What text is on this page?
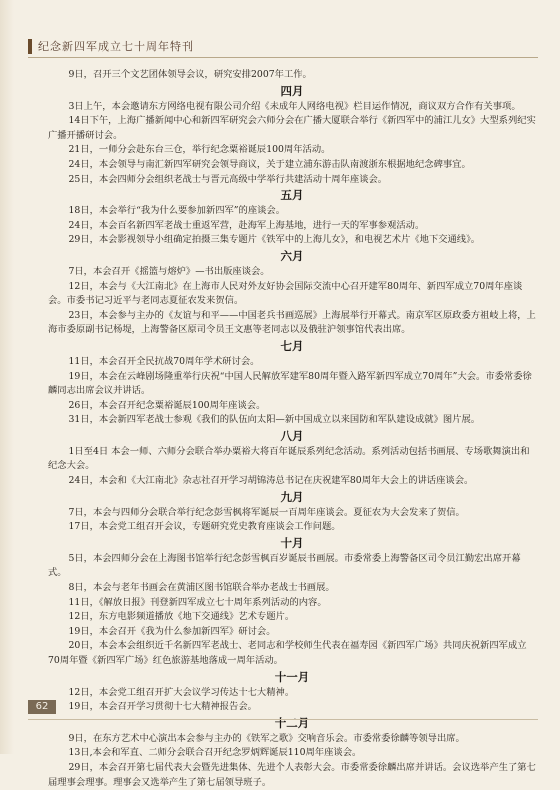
纪念新四军成立七十周年特刊
9日，召开三个文艺团体领导会议，研究安排2007年工作。
四月
3日上午，本会邀请东方网络电视有限公司介绍《未成年人网络电视》栏目运作情况，商议双方合作有关事项。
14日下午，上海广播新闻中心和新四军研究会六师分会在广播大厦联合举行《新四军中的浦江儿女》大型系列纪实广播开播研讨会。
21日，一师分会赴东台三仓，举行纪念粟裕诞辰100周年活动。
24日，本会领导与南汇新四军研究会领导商议，关于建立浦东游击队南渡浙东根据地纪念碑事宜。
25日，本会四师分会组织老战士与晋元高级中学举行共建活动十周年座谈会。
五月
18日，本会举行“我为什么要参加新四军”的座谈会。
24日，本会百名新四军老战士重返军营，赴海军上海基地，进行一天的军事参观活动。
29日，本会影视领导小组确定拍摄三集专题片《铁军中的上海儿女》，和电视艺术片《地下交通线》。
六月
7日，本会召开《摇篮与熔炉》—书出版座谈会。
12日，本会与《大江南北》在上海市人民对外友好协会国际交流中心召开建军80周年、新四军成立70周年座谈会。市委书记习近平与老同志夏征农发来贺信。
23日，本会参与主办的《友谊与和平——中国老兵书画巡展》上海展举行开幕式。南京军区原政委方祖岐上将，上海市委原副书记杨堤，上海警备区原司令员王文惠等老同志以及俄驻沪领事馆代表出席。
七月
11日，本会召开全民抗战70周年学术研讨会。
19日，本会在云峰剧场隆重举行庆祝“中国人民解放军建军80周年暨入路军新四军成立70周年”大会。市委常委徐麟同志出席会议并讲话。
26日，本会召开纪念粟裕诞辰100周年座谈会。
31日，本会新四军老战士参观《我们的队伍向太阳—新中国成立以来国防和军队建设成就》图片展。
八月
1日至4日 本会一师、六师分会联合举办粟裕大将百年诞辰系列纪念活动。系列活动包括书画展、专场歌舞演出和纪念大会。
24日，本会和《大江南北》杂志社召开学习胡锦涛总书记在庆祝建军80周年大会上的讲话座谈会。
九月
7日，本会与四师分会联合举行纪念彭雪枫将军诞辰一百周年座谈会。夏征农为大会发来了贺信。
17日，本会党工组召开会议，专题研究党史教育座谈会工作问题。
十月
5日，本会四师分会在上海图书馆举行纪念彭雪枫百岁诞辰书画展。市委常委上海警备区司令员江勤宏出席开幕式。
8日，本会与老年书画会在黄浦区图书馆联合举办老战士书画展。
11日，《解放日报》刊登新四军成立七十周年系列活动的内容。
12日，东方电影频道播放《地下交通线》艺术专题片。
19日，本会召开《我为什么参加新四军》研讨会。
20日，本会本会组织近千名新四军老战士、老同志和学校师生代表在福寿园《新四军广场》共同庆祝新四军成立70周年暨《新四军广场》红色旅游基地落成一周年活动。
十一月
12日，本会党工组召开扩大会议学习传达十七大精神。
19日，本会召开学习贯彻十七大精神报告会。
十二月
9日，在东方艺术中心演出本会参与主办的《铁军之歌》交响音乐会。市委常委徐麟等领导出席。
13日,本会和军直、二师分会联合召开纪念罗炳辉诞辰110周年座谈会。
29日，本会召开第七届代表大会暨先进集体、先进个人表彰大会。市委常委徐麟出席并讲话。会议选举产生了第七届理事会理事。理事会又选举产生了第七届领导班子。
62
